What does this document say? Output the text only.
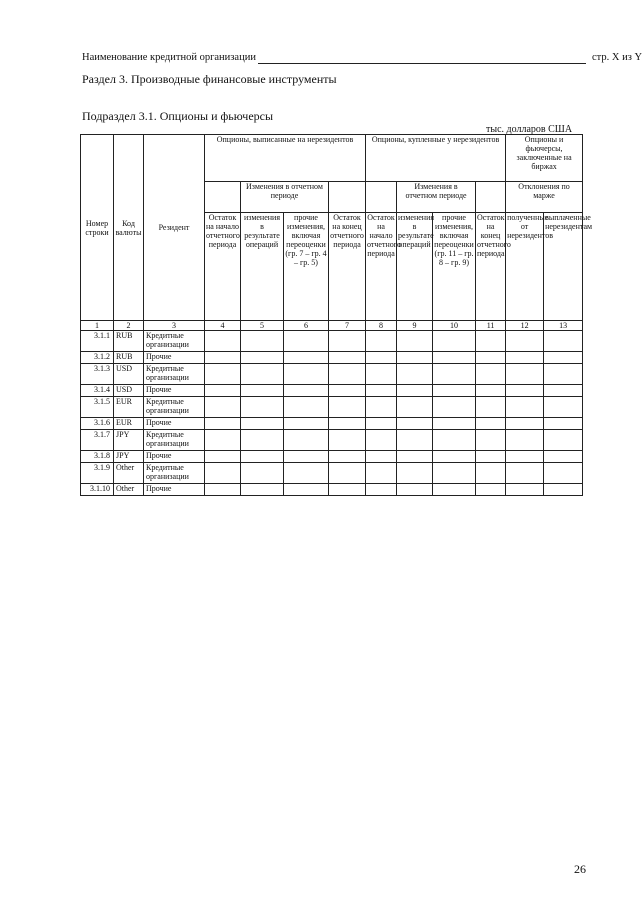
Наименование кредитной организации	стр. X из Y
Раздел 3. Производные финансовые инструменты
Подраздел 3.1. Опционы и фьючерсы
тыс. долларов США
Номер строки	Код валюты	Резидент	Опционы, выписанные на нерезидентов				Опционы, купленные у нерезидентов				Опционы и фьючерсы, заключенные на биржах	
				Изменения в отчетном периоде				Изменения в отчетном периоде			Отклонения по марже	
			Остаток на начало отчетного периода	изменения в результате операций	прочие изменения, включая переоценки (гр. 7 – гр. 4 – гр. 5)	Остаток на конец отчетного периода	Остаток на начало отчетного периода	изменения в результате операций	прочие изменения, включая переоценки (гр. 11 – гр. 8 – гр. 9)	Остаток на конец отчетного периода	полученные от нерезидентов	выплаченные нерезидентам
1	2	3	4	5	6	7	8	9	10	11	12	13
3.1.1	RUB	Кредитные организации										
3.1.2	RUB	Прочие										
3.1.3	USD	Кредитные организации										
3.1.4	USD	Прочие										
3.1.5	EUR	Кредитные организации										
3.1.6	EUR	Прочие										
3.1.7	JPY	Кредитные организации										
3.1.8	JPY	Прочие										
3.1.9	Other	Кредитные организации										
3.1.10	Other	Прочие										
26
